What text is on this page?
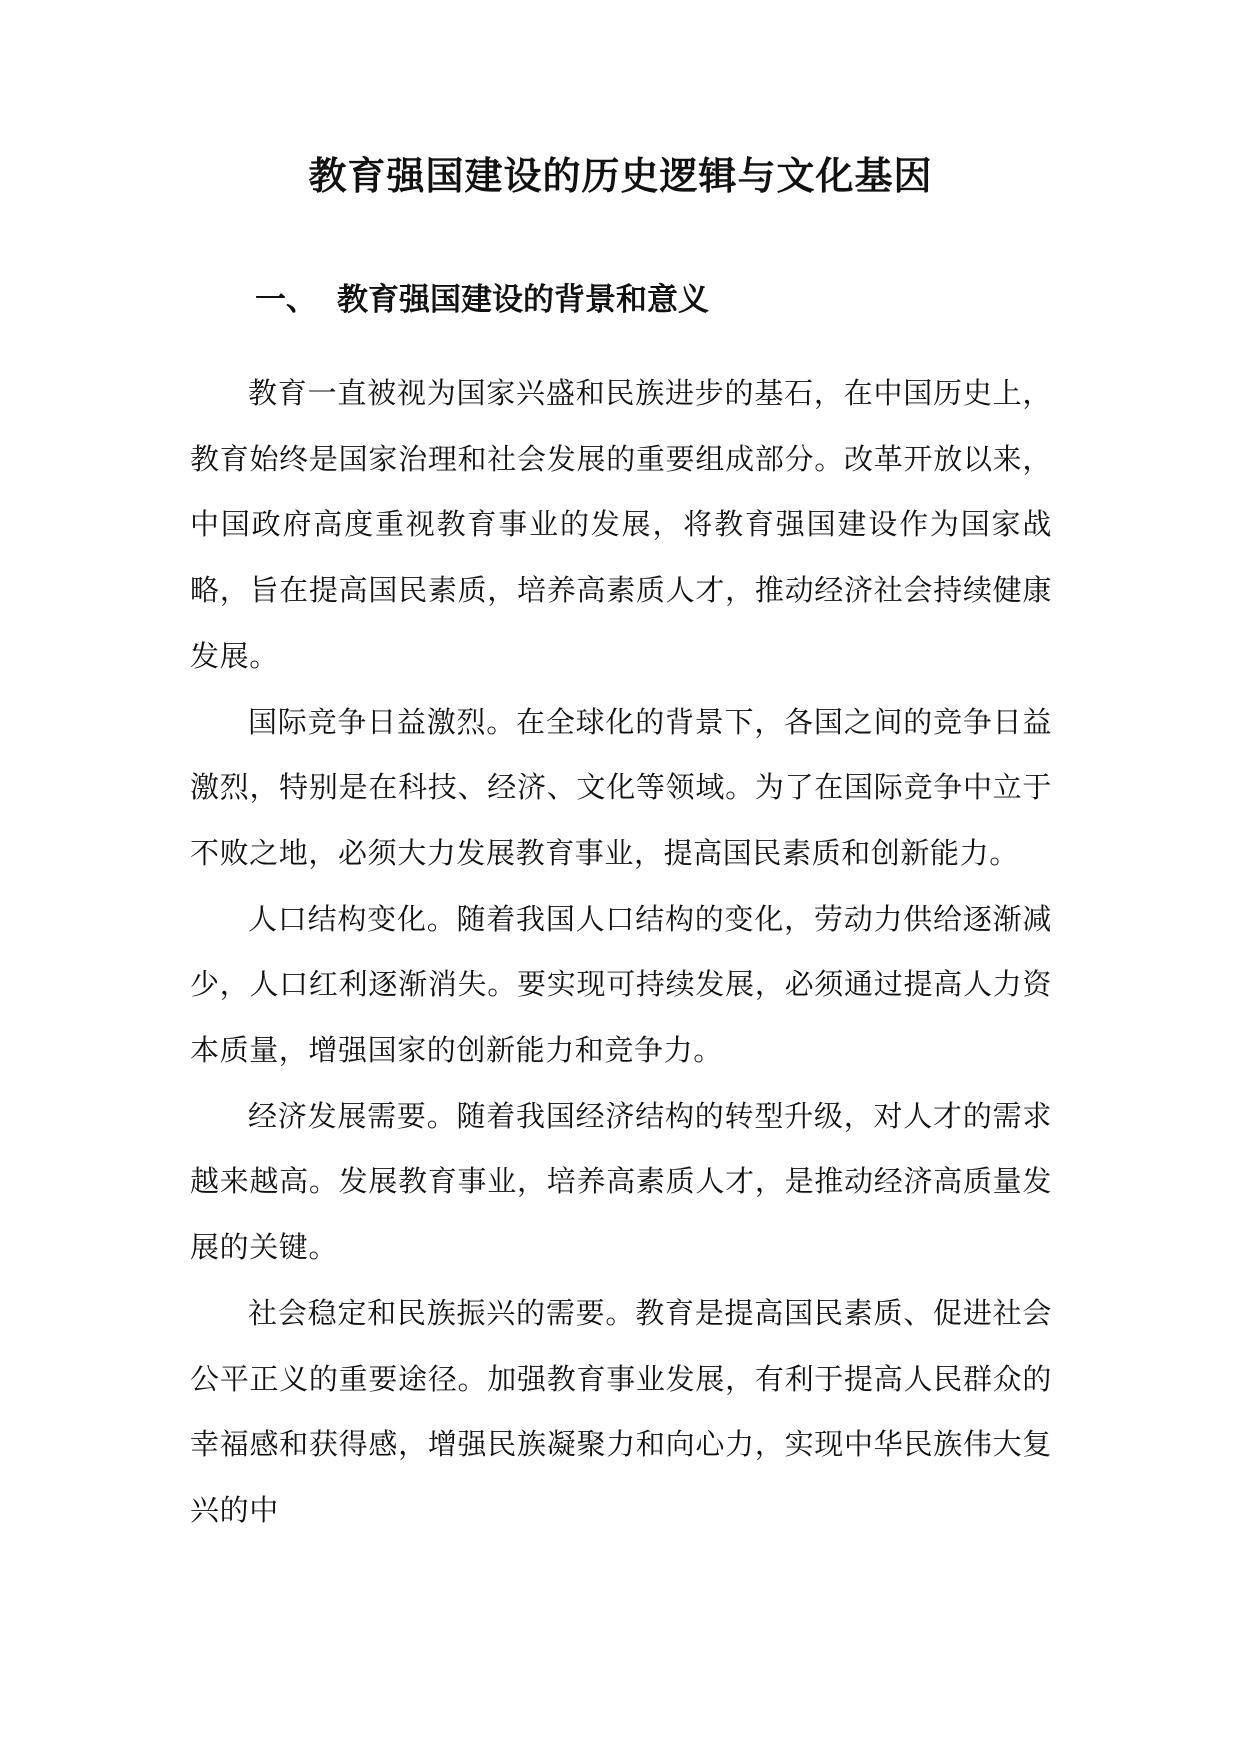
教育强国建设的历史逻辑与文化基因
一、 教育强国建设的背景和意义

教育一直被视为国家兴盛和民族进步的基石，在中国历史上，教育始终是国家治理和社会发展的重要组成部分。改革开放以来，中国政府高度重视教育事业的发展，将教育强国建设作为国家战略，旨在提高国民素质，培养高素质人才，推动经济社会持续健康发展。

国际竞争日益激烈。在全球化的背景下，各国之间的竞争日益激烈，特别是在科技、经济、文化等领域。为了在国际竞争中立于不败之地，必须大力发展教育事业，提高国民素质和创新能力。

人口结构变化。随着我国人口结构的变化，劳动力供给逐渐减少，人口红利逐渐消失。要实现可持续发展，必须通过提高人力资本质量，增强国家的创新能力和竞争力。

经济发展需要。随着我国经济结构的转型升级，对人才的需求越来越高。发展教育事业，培养高素质人才，是推动经济高质量发展的关键。

社会稳定和民族振兴的需要。教育是提高国民素质、促进社会公平正义的重要途径。加强教育事业发展，有利于提高人民群众的幸福感和获得感，增强民族凝聚力和向心力，实现中华民族伟大复兴的中
